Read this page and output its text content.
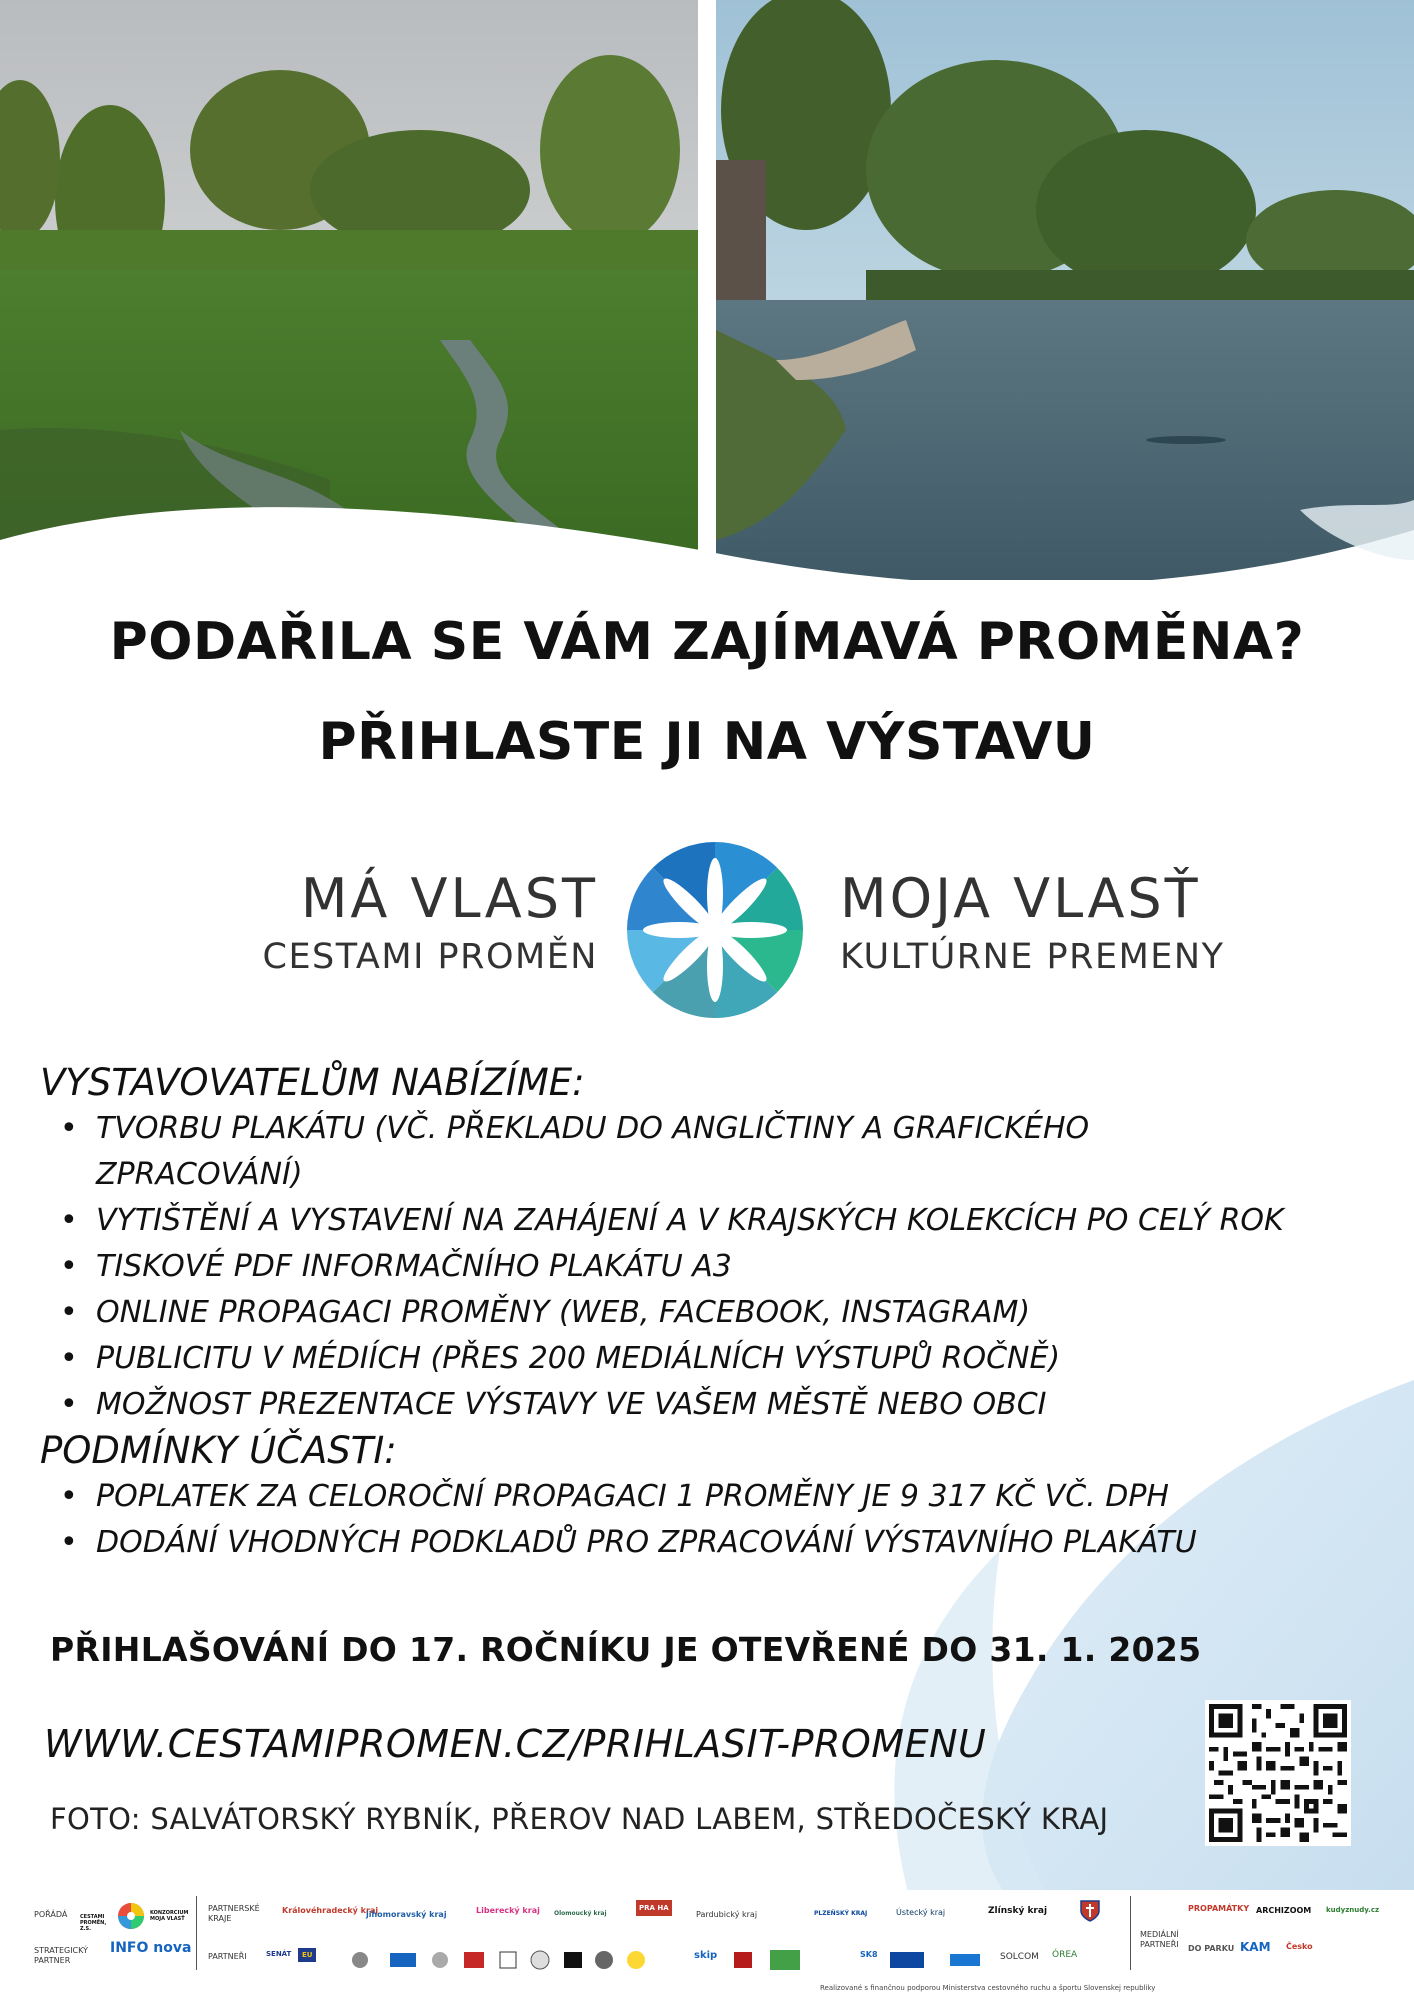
PODAŘILA SE VÁM ZAJÍMAVÁ PROMĚNA?
PŘIHLASTE JI NA VÝSTAVU
MÁ VLAST
CESTAMI PROMĚN
MOJA VLASŤ
KULTÚRNE PREMENY

VYSTAVOVATELŮM NABÍZÍME:

• TVORBU PLAKÁTU (VČ. PŘEKLADU DO ANGLIČTINY A GRAFICKÉHO
ZPRACOVÁNÍ)
• VYTIŠTĚNÍ A VYSTAVENÍ NA ZAHÁJENÍ A V KRAJSKÝCH KOLEKCÍCH PO CELÝ ROK
• TISKOVÉ PDF INFORMAČNÍHO PLAKÁTU A3
• ONLINE PROPAGACI PROMĚNY (WEB, FACEBOOK, INSTAGRAM)
• PUBLICITU V MÉDIÍCH (PŘES 200 MEDIÁLNÍCH VÝSTUPŮ ROČNĚ)
• MOŽNOST PREZENTACE VÝSTAVY VE VAŠEM MĚSTĚ NEBO OBCI

PODMÍNKY ÚČASTI:

• POPLATEK ZA CELOROČNÍ PROPAGACI 1 PROMĚNY JE 9 317 KČ VČ. DPH
• DODÁNÍ VHODNÝCH PODKLADŮ PRO ZPRACOVÁNÍ VÝSTAVNÍHO PLAKÁTU
PŘIHLAŠOVÁNÍ DO 17. ROČNÍKU JE OTEVŘENÉ DO 31. 1. 2025
WWW.CESTAMIPROMEN.CZ/PRIHLASIT-PROMENU
FOTO: SALVÁTORSKÝ RYBNÍK, PŘEROV NAD LABEM, STŘEDOČESKÝ KRAJ
POŘÁDÁ	CESTAMI PROMĚN, Z.S.
KONZORCIUM MOJA VLASŤ
STRATEGICKÝ PARTNER
INFO nova
PARTNERSKÉ KRAJE
PARTNEŘI
Královéhradecký kraj
jihomoravský kraj	Liberecký kraj Olomoucký kraj
PRA HA
Pardubický kraj	PLZEŇSKÝ KRAJ	Ústecký kraj	Zlínský kraj
SENÁT	EU	skip	SOLCOM ÓREA
SK8
MEDIÁLNÍ PARTNEŘI
PROPAMÁTKY ARCHIZOOM kudyznudy.cz
DO PARKU KAM Česko
Realizované s finančnou podporou Ministerstva cestovného ruchu a športu Slovenskej republiky
